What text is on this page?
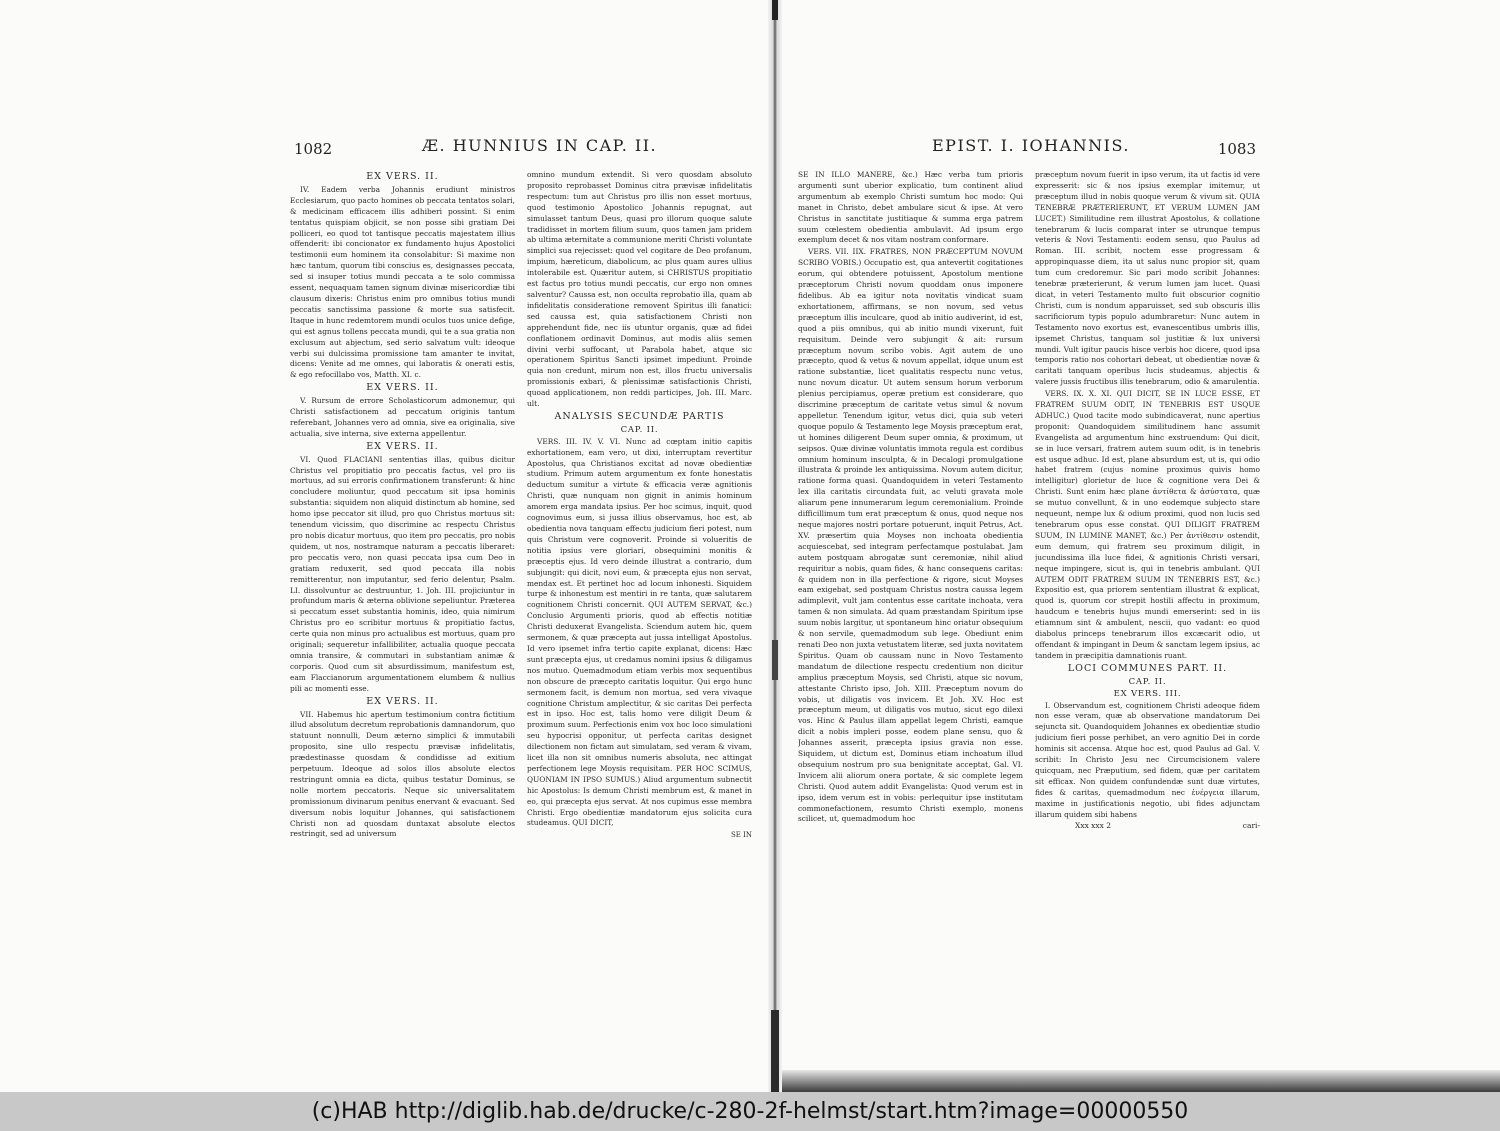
1082	Æ. HUNNIUS IN CAP. II.
EX VERS. II.

IV. Eadem verba Johannis erudiunt ministros Ecclesiarum, quo pacto homines ob peccata tentatos solari, & medicinam efficacem illis adhiberi possint. Si enim tentatus quispiam objicit, se non posse sibi gratiam Dei polliceri, eo quod tot tantisque peccatis majestatem illius offenderit: ibi concionator ex fundamento hujus Apostolici testimonii eum hominem ita consolabitur: Si maxime non hæc tantum, quorum tibi conscius es, designasses peccata, sed si insuper totius mundi peccata a te solo commissa essent, nequaquam tamen signum divinæ misericordiæ tibi clausum dixeris: Christus enim pro omnibus totius mundi peccatis sanctissima passione & morte sua satisfecit. Itaque in hunc redemtorem mundi oculos tuos unice defige, qui est agnus tollens peccata mundi, qui te a sua gratia non exclusum aut abjectum, sed serio salvatum vult: ideoque verbi sui dulcissima promissione tam amanter te invitat, dicens: Venite ad me omnes, qui laboratis & onerati estis, & ego refocillabo vos, Matth. XI. c.

EX VERS. II.

V. Rursum de errore Scholasticorum admonemur, qui Christi satisfactionem ad peccatum originis tantum referebant, Johannes vero ad omnia, sive ea originalia, sive actualia, sive interna, sive externa appellentur.

EX VERS. II.

VI. Quod FLACIANI sententias illas, quibus dicitur Christus vel propitiatio pro peccatis factus, vel pro iis mortuus, ad sui erroris confirmationem transferunt: & hinc concludere moliuntur, quod peccatum sit ipsa hominis substantia: siquidem non aliquid distinctum ab homine, sed homo ipse peccator sit illud, pro quo Christus mortuus sit: tenendum vicissim, quo discrimine ac respectu Christus pro nobis dicatur mortuus, quo item pro peccatis, pro nobis quidem, ut nos, nostramque naturam a peccatis liberaret: pro peccatis vero, non quasi peccata ipsa cum Deo in gratiam reduxerit, sed quod peccata illa nobis remitterentur, non imputantur, sed ferio delentur, Psalm. LI. dissolvuntur ac destruuntur, 1. Joh. III. projiciuntur in profundum maris & æterna oblivione sepeliuntur. Præterea si peccatum esset substantia hominis, ideo, quia nimirum Christus pro eo scribitur mortuus & propitiatio factus, certe quia non minus pro actualibus est mortuus, quam pro originali; sequeretur infallibiliter, actualia quoque peccata omnia transire, & commutari in substantiam animæ & corporis. Quod cum sit absurdissimum, manifestum est, eam Flaccianorum argumentationem elumbem & nullius pili ac momenti esse.

EX VERS. II.

VII. Habemus hic apertum testimonium contra fictitium illud absolutum decretum reprobationis damnandorum, quo statuunt nonnulli, Deum æterno simplici & immutabili proposito, sine ullo respectu prævisæ infidelitatis, prædestinasse quosdam & condidisse ad exitium perpetuum. Ideoque ad solos illos absolute electos restringunt omnia ea dicta, quibus testatur Dominus, se nolle mortem peccatoris. Neque sic universalitatem promissionum divinarum penitus enervant & evacuant. Sed diversum nobis loquitur Johannes, qui satisfactionem Christi non ad quosdam duntaxat absolute electos restringit, sed ad universum

omnino mundum extendit. Si vero quosdam absoluto proposito reprobasset Dominus citra prævisæ infidelitatis respectum: tum aut Christus pro illis non esset mortuus, quod testimonio Apostolico Johannis repugnat, aut simulasset tantum Deus, quasi pro illorum quoque salute tradidisset in mortem filium suum, quos tamen jam pridem ab ultima æternitate a communione meriti Christi voluntate simplici sua rejecisset: quod vel cogitare de Deo profanum, impium, hæreticum, diabolicum, ac plus quam aures ullius intolerabile est. Quæritur autem, si CHRISTUS propitiatio est factus pro totius mundi peccatis, cur ergo non omnes salventur? Caussa est, non occulta reprobatio illa, quam ab infidelitatis consideratione removent Spiritus illi fanatici: sed caussa est, quia satisfactionem Christi non apprehendunt fide, nec iis utuntur organis, quæ ad fidei conflationem ordinavit Dominus, aut modis aliis semen divini verbi suffocant, ut Parabola habet, atque sic operationem Spiritus Sancti ipsimet impediunt. Proinde quia non credunt, mirum non est, illos fructu universalis promissionis exbari, & plenissimæ satisfactionis Christi, quoad applicationem, non reddi participes, Joh. III. Marc. ult.

ANALYSIS SECUNDÆ PARTIS
CAP. II.

VERS. III. IV. V. VI. Nunc ad cœptam initio capitis exhortationem, eam vero, ut dixi, interruptam revertitur Apostolus, qua Christianos excitat ad novæ obedientiæ studium. Primum autem argumentum ex fonte honestatis deductum sumitur a virtute & efficacia veræ agnitionis Christi, quæ nunquam non gignit in animis hominum amorem erga mandata ipsius. Per hoc scimus, inquit, quod cognovimus eum, si jussa illius observamus, hoc est, ab obedientia nova tanquam effectu judicium fieri potest, num quis Christum vere cognoverit. Proinde si volueritis de notitia ipsius vere gloriari, obsequimini monitis & præceptis ejus. Id vero deinde illustrat a contrario, dum subjungit: qui dicit, novi eum, & præcepta ejus non servat, mendax est. Et pertinet hoc ad locum inhonesti. Siquidem turpe & inhonestum est mentiri in re tanta, quæ salutarem cognitionem Christi concernit. QUI AUTEM SERVAT, &c.) Conclusio Argumenti prioris, quod ab effectis notitiæ Christi deduxerat Evangelista. Sciendum autem hic, quem sermonem, & quæ præcepta aut jussa intelligat Apostolus. Id vero ipsemet infra tertio capite explanat, dicens: Hæc sunt præcepta ejus, ut credamus nomini ipsius & diligamus nos mutuo. Quemadmodum etiam verbis mox sequentibus non obscure de præcepto caritatis loquitur. Qui ergo hunc sermonem facit, is demum non mortua, sed vera vivaque cognitione Christum amplectitur, & sic caritas Dei perfecta est in ipso. Hoc est, talis homo vere diligit Deum & proximum suum. Perfectionis enim vox hoc loco simulationi seu hypocrisi opponitur, ut perfecta caritas designet dilectionem non fictam aut simulatam, sed veram & vivam, licet illa non sit omnibus numeris absoluta, nec attingat perfectionem lege Moysis requisitam. PER HOC SCIMUS, QUONIAM IN IPSO SUMUS.) Aliud argumentum subnectit hic Apostolus: Is demum Christi membrum est, & manet in eo, qui præcepta ejus servat. At nos cupimus esse membra Christi. Ergo obedientiæ mandatorum ejus solicita cura studeamus. QUI DICIT,

SE IN
EPIST. I. IOHANNIS.	1083

SE IN ILLO MANERE, &c.) Hæc verba tum prioris argumenti sunt uberior explicatio, tum continent aliud argumentum ab exemplo Christi sumtum hoc modo: Qui manet in Christo, debet ambulare sicut & ipse. At vero Christus in sanctitate justitiaque & summa erga patrem suum cœlestem obedientia ambulavit. Ad ipsum ergo exemplum decet & nos vitam nostram conformare.

VERS. VII. IIX. FRATRES, NON PRÆCEPTUM NOVUM SCRIBO VOBIS.) Occupatio est, qua antevertit cogitationes eorum, qui obtendere potuissent, Apostolum mentione præceptorum Christi novum quoddam onus imponere fidelibus. Ab ea igitur nota novitatis vindicat suam exhortationem, affirmans, se non novum, sed vetus præceptum illis inculcare, quod ab initio audiverint, id est, quod a piis omnibus, qui ab initio mundi vixerunt, fuit requisitum. Deinde vero subjungit & ait: rursum præceptum novum scribo vobis. Agit autem de uno præcepto, quod & vetus & novum appellat, idque unum est ratione substantiæ, licet qualitatis respectu nunc vetus, nunc novum dicatur. Ut autem sensum horum verborum plenius percipiamus, operæ pretium est considerare, quo discrimine præceptum de caritate vetus simul & novum appelletur. Tenendum igitur, vetus dici, quia sub veteri quoque populo & Testamento lege Moysis præceptum erat, ut homines diligerent Deum super omnia, & proximum, ut seipsos. Quæ divinæ voluntatis immota regula est cordibus omnium hominum insculpta, & in Decalogi promulgatione illustrata & proinde lex antiquissima. Novum autem dicitur, ratione forma quasi. Quandoquidem in veteri Testamento lex illa caritatis circundata fuit, ac veluti gravata mole aliarum pene innumerarum legum ceremonialium. Proinde difficillimum tum erat præceptum & onus, quod neque nos neque majores nostri portare potuerunt, inquit Petrus, Act. XV. præsertim quia Moyses non inchoata obedientia acquiescebat, sed integram perfectamque postulabat. Jam autem postquam abrogatæ sunt ceremoniæ, nihil aliud requiritur a nobis, quam fides, & hanc consequens caritas: & quidem non in illa perfectione & rigore, sicut Moyses eam exigebat, sed postquam Christus nostra caussa legem adimplevit, vult jam contentus esse caritate inchoata, vera tamen & non simulata. Ad quam præstandam Spiritum ipse suum nobis largitur, ut spontaneum hinc oriatur obsequium & non servile, quemadmodum sub lege. Obediunt enim renati Deo non juxta vetustatem literæ, sed juxta novitatem Spiritus. Quam ob caussam nunc in Novo Testamento mandatum de dilectione respectu credentium non dicitur amplius præceptum Moysis, sed Christi, atque sic novum, attestante Christo ipso, Joh. XIII. Præceptum novum do vobis, ut diligatis vos invicem. Et Joh. XV. Hoc est præceptum meum, ut diligatis vos mutuo, sicut ego dilexi vos. Hinc & Paulus illam appellat legem Christi, eamque dicit a nobis impleri posse, eodem plane sensu, quo & Johannes asserit, præcepta ipsius gravia non esse. Siquidem, ut dictum est, Dominus etiam inchoatum illud obsequium nostrum pro sua benignitate acceptat, Gal. VI. Invicem alii aliorum onera portate, & sic complete legem Christi. Quod autem addit Evangelista: Quod verum est in ipso, idem verum est in vobis: perlequitur ipse institutam commonefactionem, resumto Christi exemplo, monens scilicet, ut, quemadmodum hoc

præceptum novum fuerit in ipso verum, ita ut factis id vere expresserit: sic & nos ipsius exemplar imitemur, ut præceptum illud in nobis quoque verum & vivum sit. QUIA TENEBRÆ PRÆTERIERUNT, ET VERUM LUMEN JAM LUCET.) Similitudine rem illustrat Apostolus, & collatione tenebrarum & lucis comparat inter se utrunque tempus veteris & Novi Testamenti: eodem sensu, quo Paulus ad Roman. III. scribit, noctem esse progressam & appropinquasse diem, ita ut salus nunc propior sit, quam tum cum credoremur. Sic pari modo scribit Johannes: tenebræ præterierunt, & verum lumen jam lucet. Quasi dicat, in veteri Testamento multo fuit obscurior cognitio Christi, cum is nondum apparuisset, sed sub obscuris illis sacrificiorum typis populo adumbraretur: Nunc autem in Testamento novo exortus est, evanescentibus umbris illis, ipsemet Christus, tanquam sol justitiæ & lux universi mundi. Vult igitur paucis hisce verbis hoc dicere, quod ipsa temporis ratio nos cohortari debeat, ut obedientiæ novæ & caritati tanquam operibus lucis studeamus, abjectis & valere jussis fructibus illis tenebrarum, odio & amarulentia.

VERS. IX. X. XI. QUI DICIT, SE IN LUCE ESSE, ET FRATREM SUUM ODIT, IN TENEBRIS EST USQUE ADHUC.) Quod tacite modo subindicaverat, nunc apertius proponit: Quandoquidem similitudinem hanc assumit Evangelista ad argumentum hinc exstruendum: Qui dicit, se in luce versari, fratrem autem suum odit, is in tenebris est usque adhuc. Id est, plane absurdum est, ut is, qui odio habet fratrem (cujus nomine proximus quivis homo intelligitur) glorietur de luce & cognitione vera Dei & Christi. Sunt enim hæc plane ἀντίθετα & ἀσύστατα, quæ se mutuo convellunt, & in uno eodemque subjecto stare nequeunt, nempe lux & odium proximi, quod non lucis sed tenebrarum opus esse constat. QUI DILIGIT FRATREM SUUM, IN LUMINE MANET, &c.) Per ἀντίθεσιν ostendit, eum demum, qui fratrem seu proximum diligit, in jucundissima illa luce fidei, & agnitionis Christi versari, neque impingere, sicut is, qui in tenebris ambulant. QUI AUTEM ODIT FRATREM SUUM IN TENEBRIS EST, &c.) Expositio est, qua priorem sententiam illustrat & explicat, quod is, quorum cor strepit hostili affectu in proximum, haudcum e tenebris hujus mundi emerserint: sed in iis etiamnum sint & ambulent, nescii, quo vadant: eo quod diabolus princeps tenebrarum illos excæcarit odio, ut offendant & impingant in Deum & sanctam legem ipsius, ac tandem in præcipitia damnationis ruant.

LOCI COMMUNES PART. II.
CAP. II.
EX VERS. III.

I. Observandum est, cognitionem Christi adeoque fidem non esse veram, quæ ab observatione mandatorum Dei sejuncta sit. Quandoquidem Johannes ex obedientiæ studio judicium fieri posse perhibet, an vero agnitio Dei in corde hominis sit accensa. Atque hoc est, quod Paulus ad Gal. V. scribit: In Christo Jesu nec Circumcisionem valere quicquam, nec Præputium, sed fidem, quæ per caritatem sit efficax. Non quidem confundendæ sunt duæ virtutes, fides & caritas, quemadmodum nec ἐνέργεια illarum, maxime in justificationis negotio, ubi fides adjunctam illarum quidem sibi habens

Xxx xxx 2	cari-
(c)HAB http://diglib.hab.de/drucke/c-280-2f-helmst/start.htm?image=00000550
